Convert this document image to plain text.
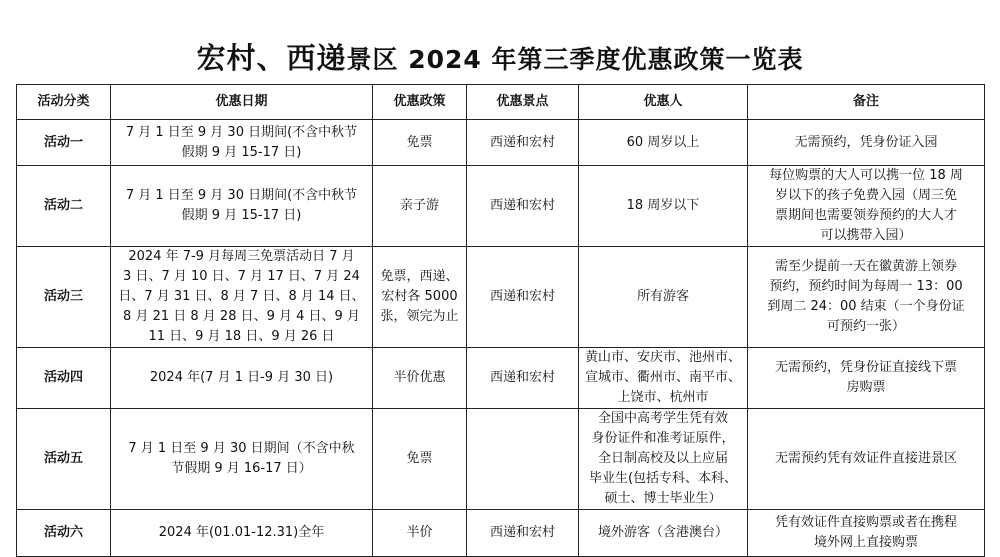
宏村、西递景区 2024 年第三季度优惠政策一览表
活动分类	优惠日期	优惠政策	优惠景点	优惠人	备注
活动一	7 月 1 日至 9 月 30 日期间(不含中秋节
假期 9 月 15-17 日)	免票	西递和宏村	60 周岁以上	无需预约，凭身份证入园

活动二	7 月 1 日至 9 月 30 日期间(不含中秋节
假期 9 月 15-17 日)	亲子游	西递和宏村	18 周岁以下	每位购票的大人可以携一位 18 周
岁以下的孩子免费入园（周三免
票期间也需要领券预约的大人才
可以携带入园）

活动三	2024 年 7-9 月每周三免票活动日 7 月
3 日、7 月 10 日、7 月 17 日、7 月 24
日、7 月 31 日、8 月 7 日、8 月 14 日、
8 月 21 日 8 月 28 日、9 月 4 日、9 月
11 日、9 月 18 日、9 月 26 日	免票，西递、
宏村各 5000
张，领完为止	西递和宏村	所有游客	需至少提前一天在徽黄游上领券
预约，预约时间为每周一 13：00
到周二 24：00 结束（一个身份证
可预约一张）

活动四	2024 年(7 月 1 日-9 月 30 日)	半价优惠	西递和宏村	黄山市、安庆市、池州市、
宣城市、衢州市、南平市、
上饶市、杭州市	无需预约，凭身份证直接线下票
房购票

活动五	7 月 1 日至 9 月 30 日期间（不含中秋
节假期 9 月 16-17 日）	免票		全国中高考学生凭有效
身份证件和准考证原件，
全日制高校及以上应届
毕业生(包括专科、本科、
硕士、博士毕业生）	无需预约凭有效证件直接进景区

活动六	2024 年(01.01-12.31)全年	半价	西递和宏村	境外游客（含港澳台）	凭有效证件直接购票或者在携程
境外网上直接购票
